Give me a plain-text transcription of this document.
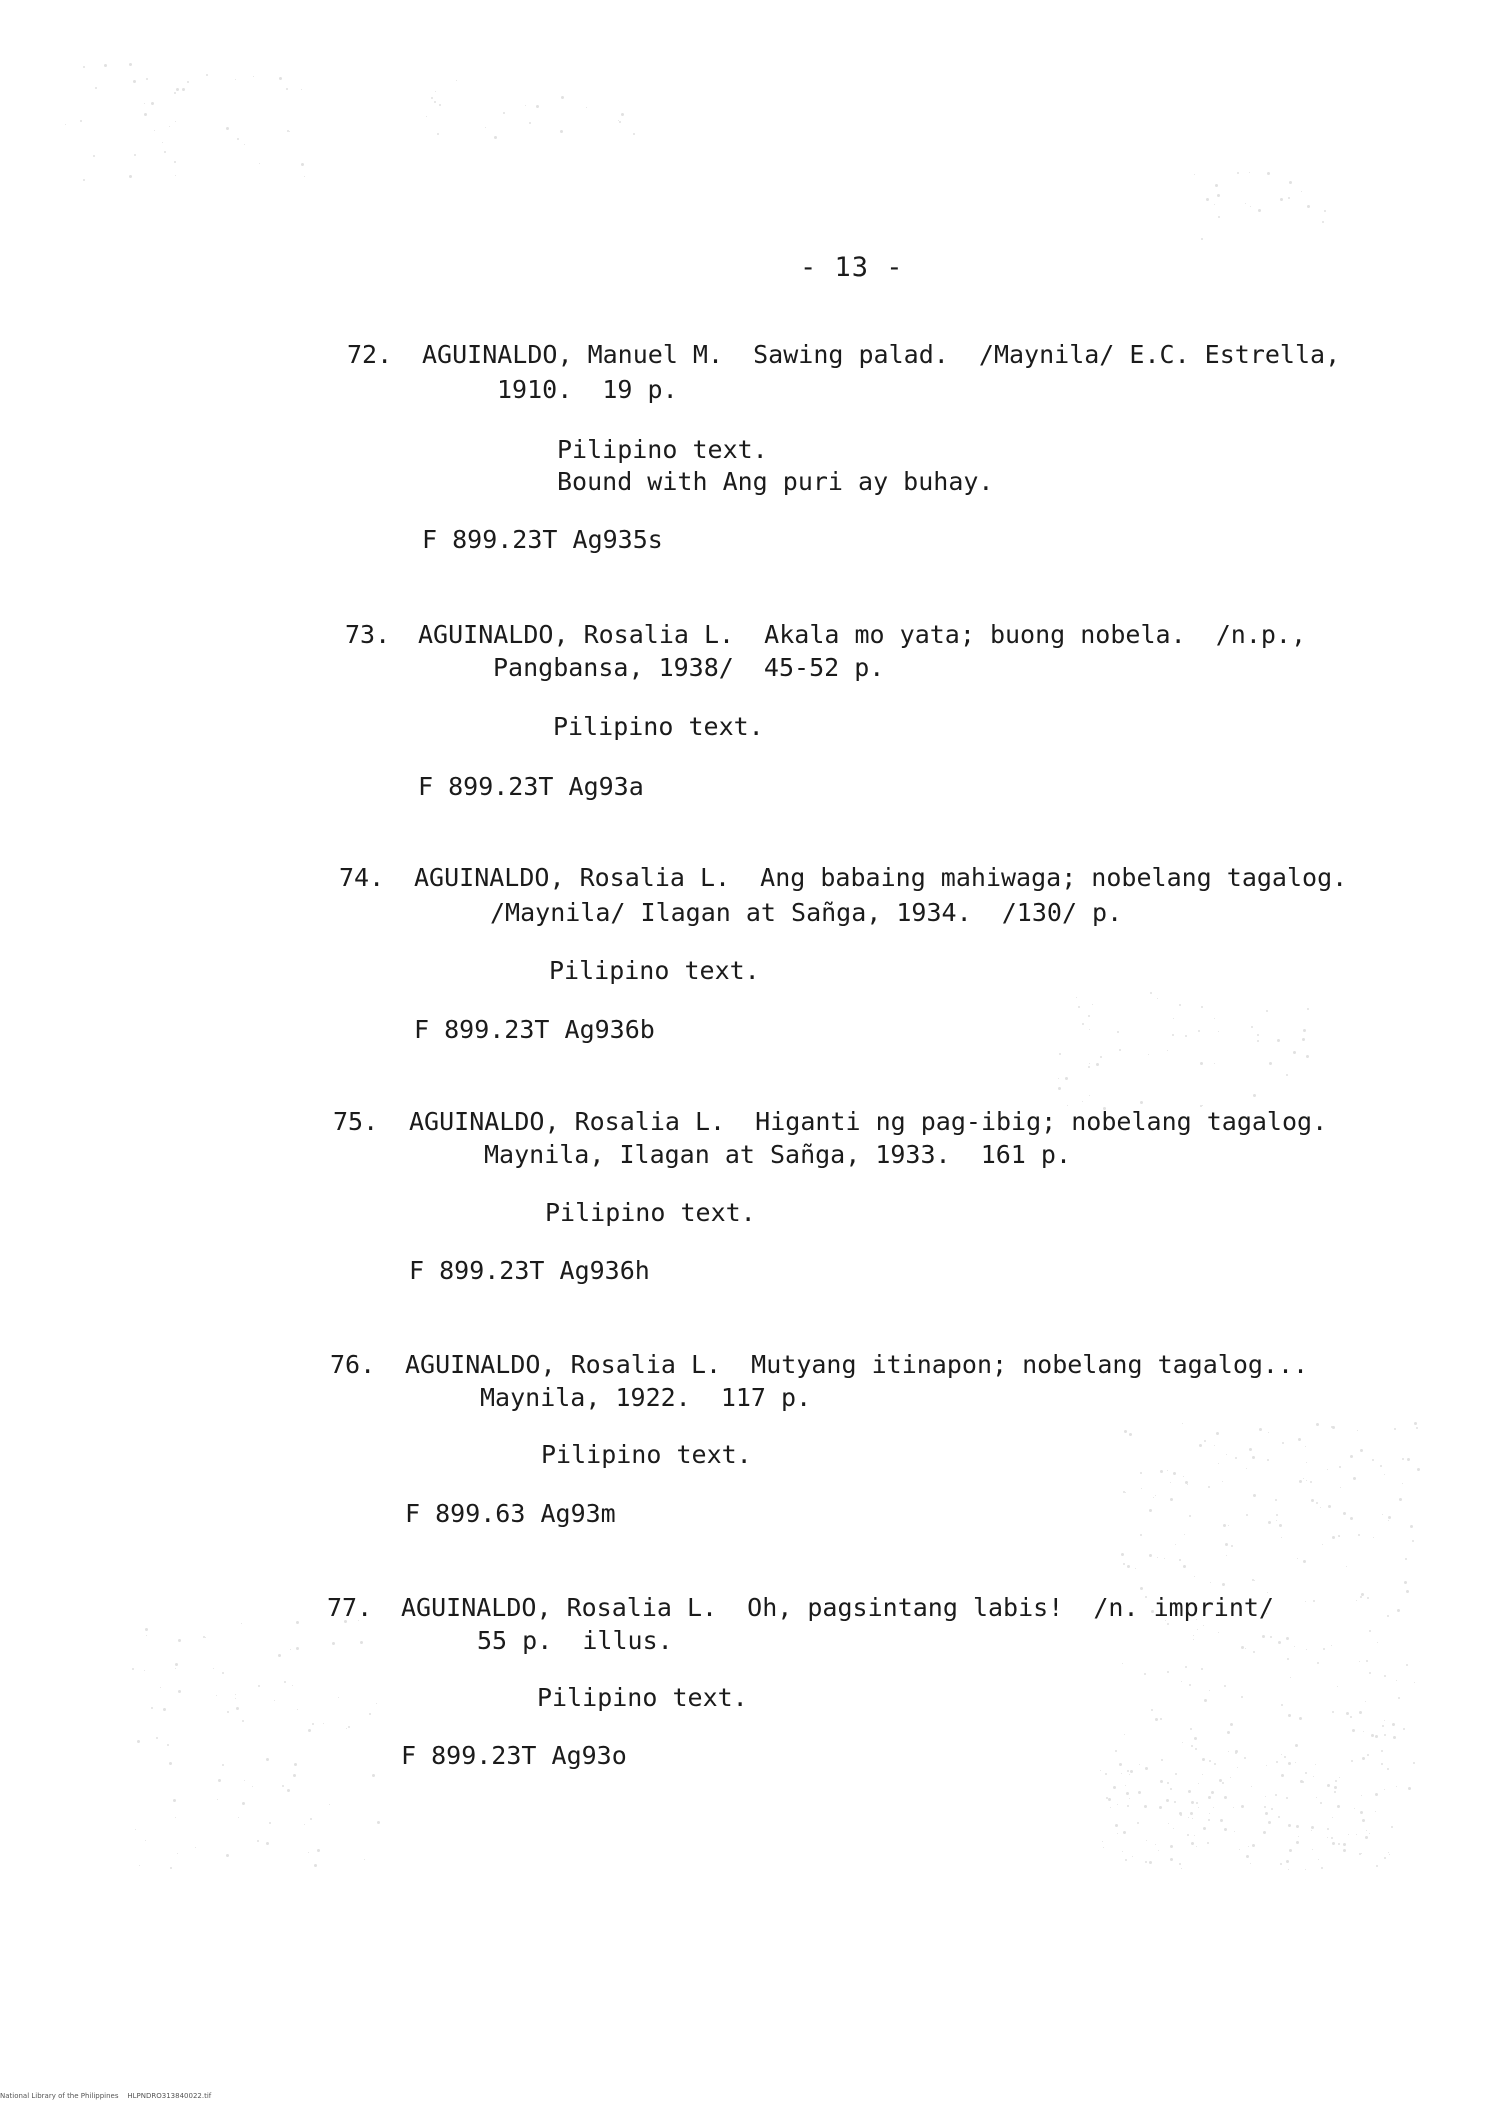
- 13 -
72. AGUINALDO, Manuel M.  Sawing palad.  /Maynila/ E.C. Estrella,
1910.  19 p.
Pilipino text.
Bound with Ang puri ay buhay.
F 899.23T Ag935s
73. AGUINALDO, Rosalia L.  Akala mo yata; buong nobela.  /n.p.,
Pangbansa, 1938/  45-52 p.
Pilipino text.
F 899.23T Ag93a
74. AGUINALDO, Rosalia L.  Ang babaing mahiwaga; nobelang tagalog.
/Maynila/ Ilagan at Sañga, 1934.  /130/ p.
Pilipino text.
F 899.23T Ag936b
75. AGUINALDO, Rosalia L.  Higanti ng pag-ibig; nobelang tagalog.
Maynila, Ilagan at Sañga, 1933.  161 p.
Pilipino text.
F 899.23T Ag936h
76. AGUINALDO, Rosalia L.  Mutyang itinapon; nobelang tagalog...
Maynila, 1922.  117 p.
Pilipino text.
F 899.63 Ag93m
77. AGUINALDO, Rosalia L.  Oh, pagsintang labis!  /n. imprint/
55 p.  illus.
Pilipino text.
F 899.23T Ag93o
National Library of the Philippines    HLPNDRO313840022.tif
